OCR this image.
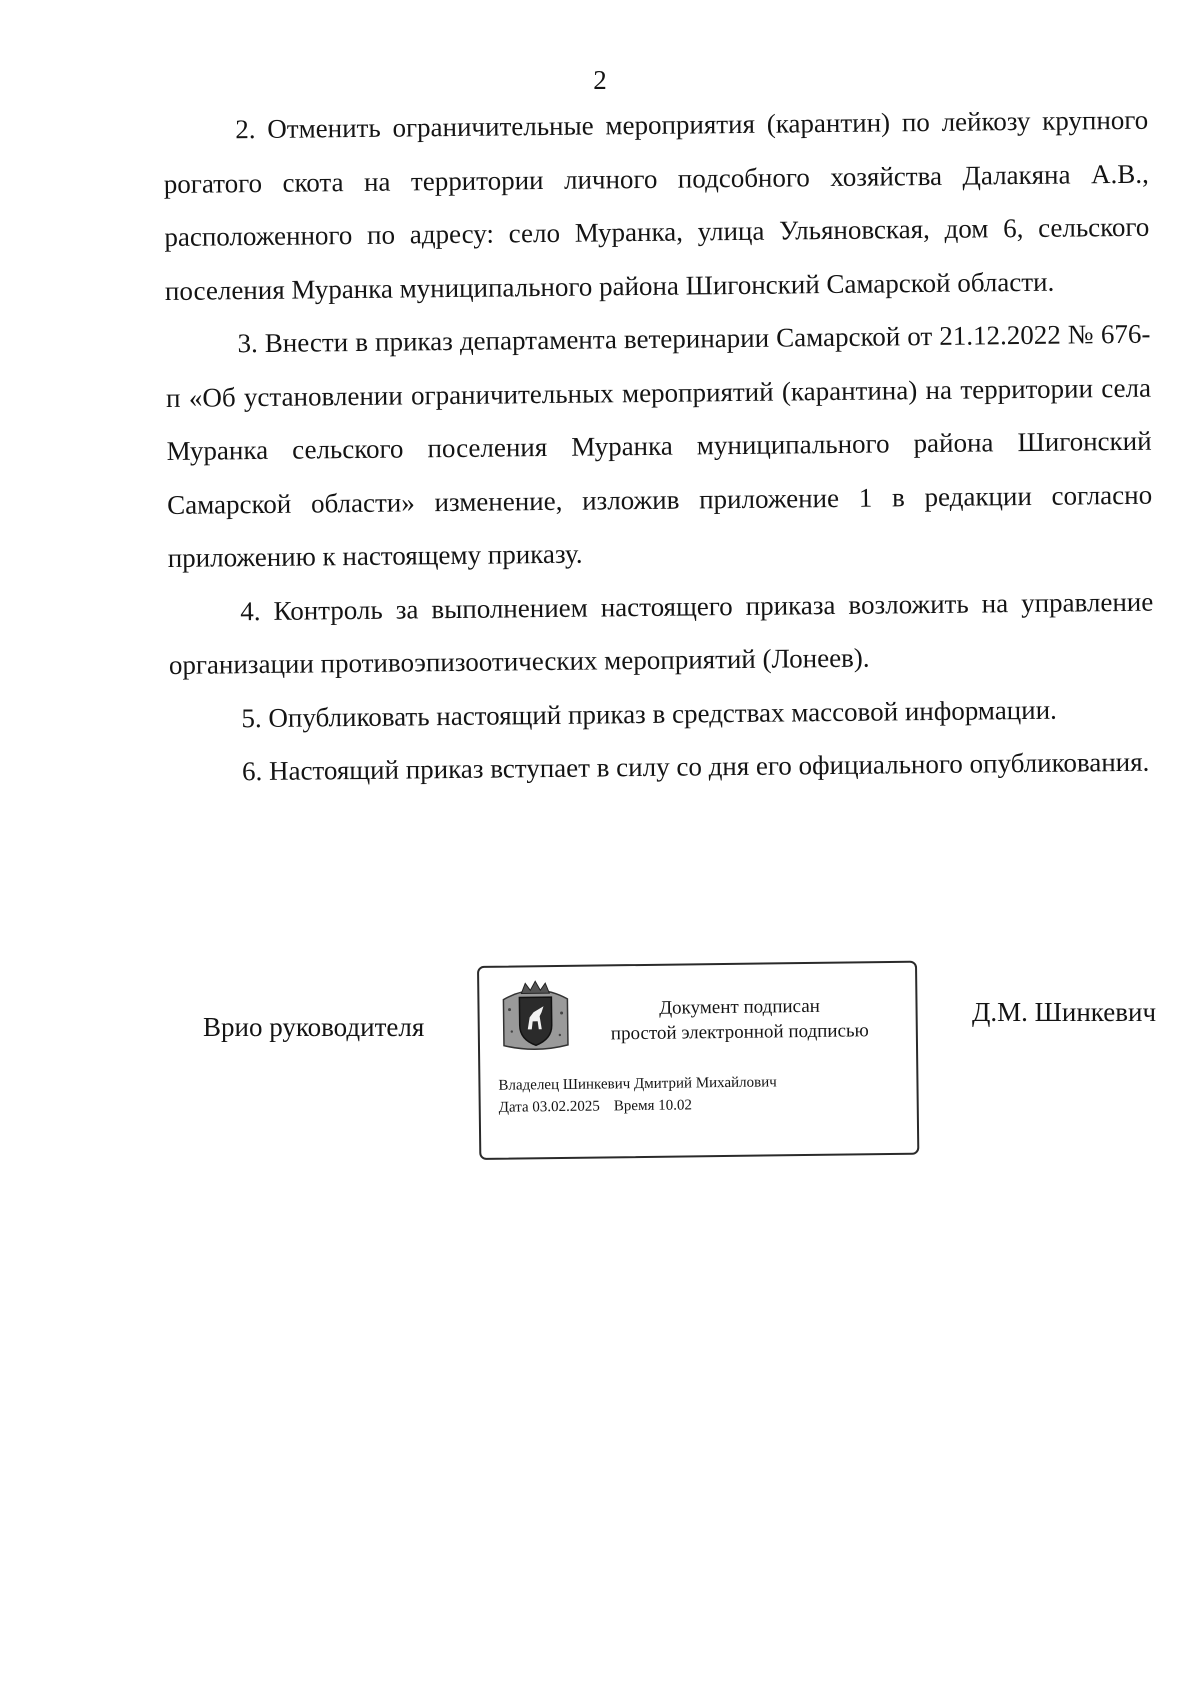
2

2. Отменить ограничительные мероприятия (карантин) по лейкозу крупного рогатого скота на территории личного подсобного хозяйства Далакяна А.В., расположенного по адресу: село Муранка, улица Ульяновская, дом 6, сельского поселения Муранка муниципального района Шигонский Самарской области.

3. Внести в приказ департамента ветеринарии Самарской от 21.12.2022 № 676-п «Об установлении ограничительных мероприятий (карантина) на территории села Муранка сельского поселения Муранка муниципального района Шигонский Самарской области» изменение, изложив приложение 1 в редакции согласно приложению к настоящему приказу.

4. Контроль за выполнением настоящего приказа возложить на управление организации противоэпизоотических мероприятий (Лонеев).

5. Опубликовать настоящий приказ в средствах массовой информации.

6. Настоящий приказ вступает в силу со дня его официального опубликования.

Врио руководителя	Д.М. Шинкевич

Документ подписан
простой электронной подписью

Владелец Шинкевич Дмитрий Михайлович

Дата 03.02.2025 Время 10.02
